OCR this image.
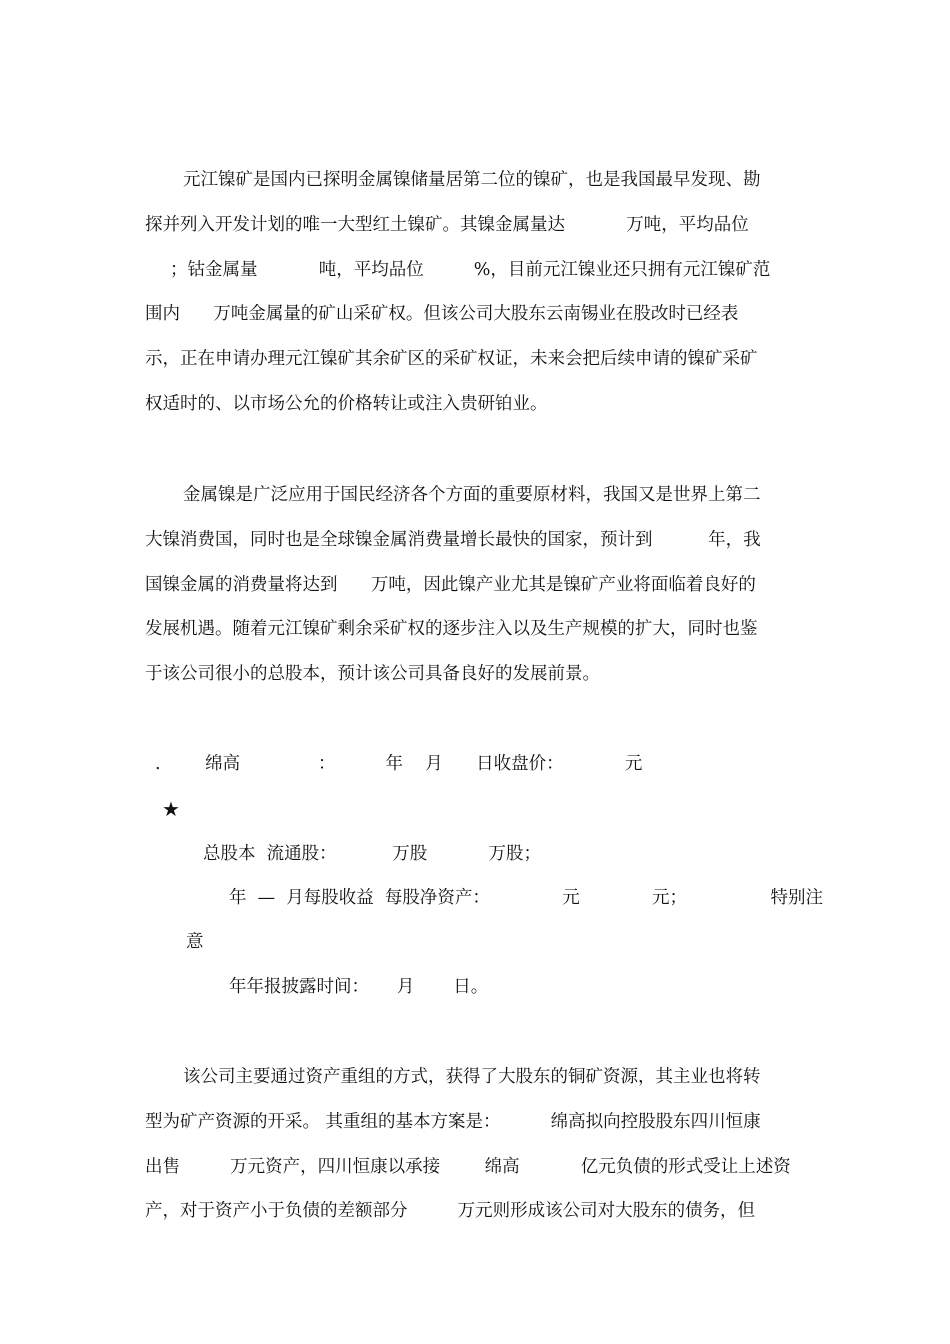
元江镍矿是国内已探明金属镍储量居第二位的镍矿，也是我国最早发现、勘

探并列入开发计划的唯一大型红土镍矿。其镍金属量达           万吨，平均品位

；钴金属量           吨，平均品位         %，目前元江镍业还只拥有元江镍矿范

围内      万吨金属量的矿山采矿权。但该公司大股东云南锡业在股改时已经表

示，正在申请办理元江镍矿其余矿区的采矿权证，未来会把后续申请的镍矿采矿

权适时的、以市场公允的价格转让或注入贵研铂业。

金属镍是广泛应用于国民经济各个方面的重要原材料，我国又是世界上第二

大镍消费国，同时也是全球镍金属消费量增长最快的国家，预计到          年，我

国镍金属的消费量将达到      万吨，因此镍产业尤其是镍矿产业将面临着良好的

发展机遇。随着元江镍矿剩余采矿权的逐步注入以及生产规模的扩大，同时也鉴

于该公司很小的总股本，预计该公司具备良好的发展前景。

.        绵高              ：         年    月      日收盘价：           元

★

总股本  流通股：          万股           万股；

年  —  月每股收益  每股净资产：             元             元；               特别注

意

年年报披露时间：     月       日。

该公司主要通过资产重组的方式，获得了大股东的铜矿资源，其主业也将转

型为矿产资源的开采。 其重组的基本方案是：         绵高拟向控股股东四川恒康

出售         万元资产，四川恒康以承接        绵高           亿元负债的形式受让上述资

产，对于资产小于负债的差额部分         万元则形成该公司对大股东的债务，但
